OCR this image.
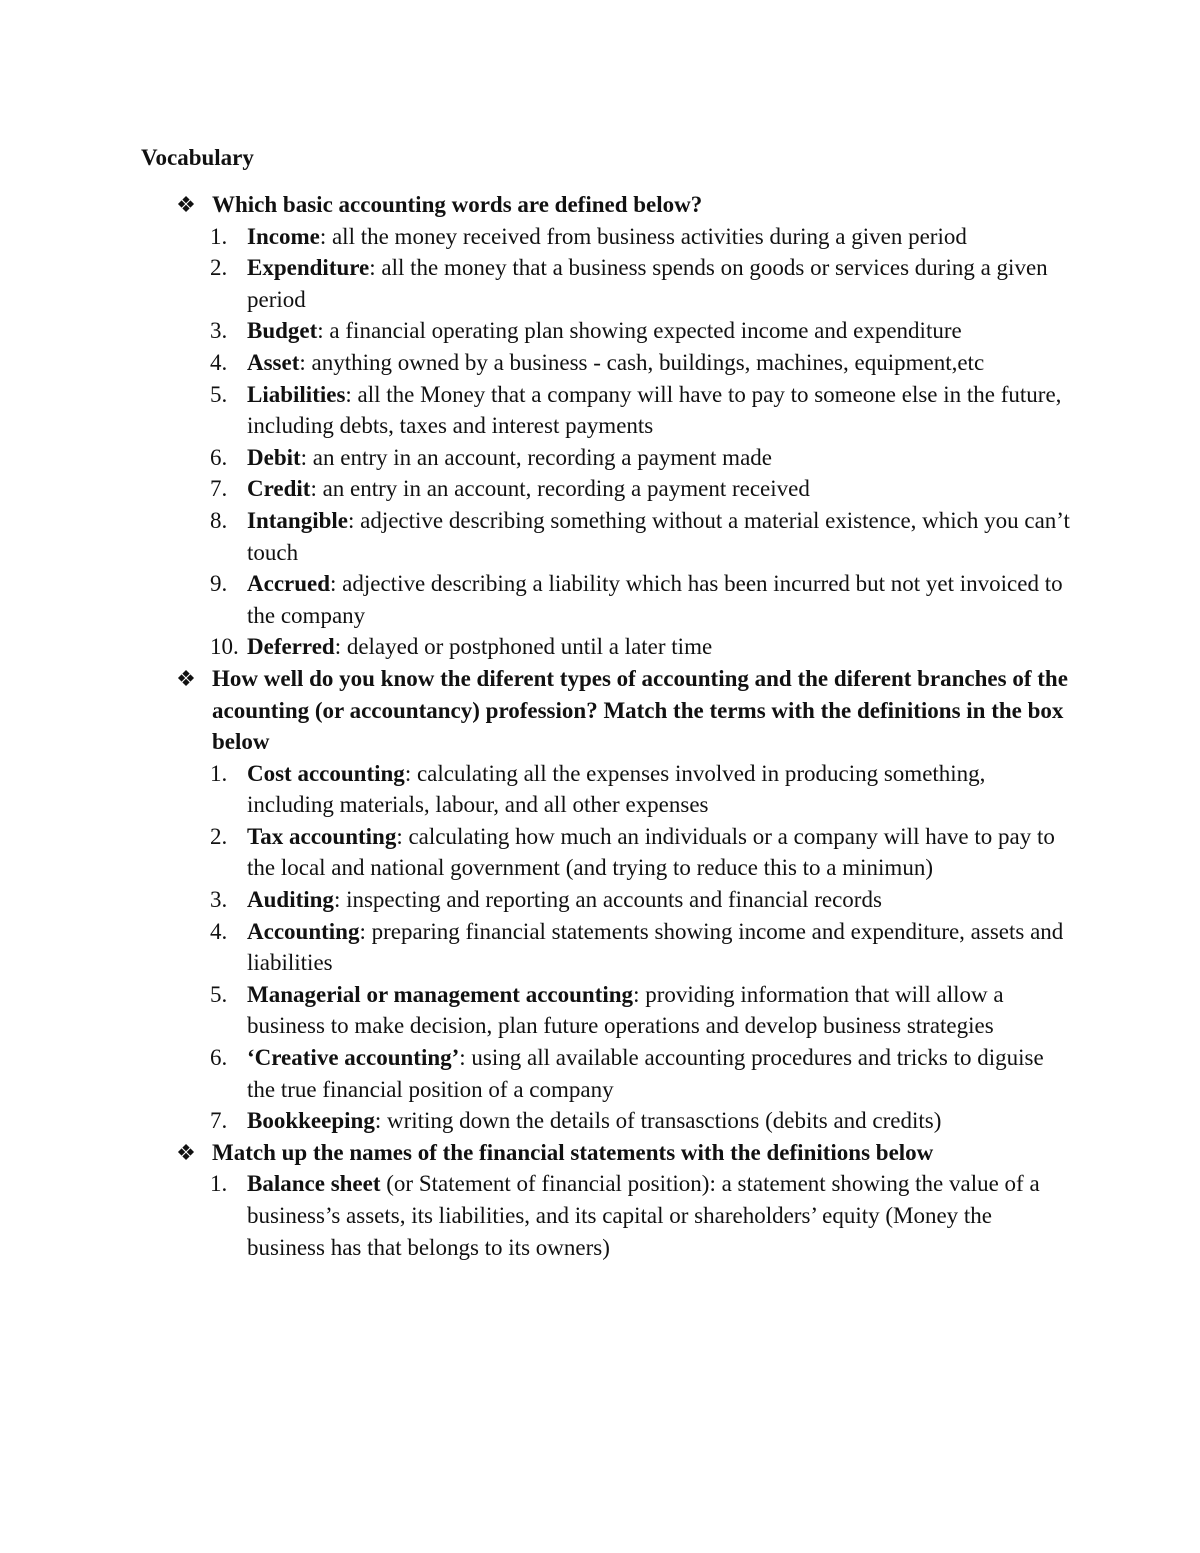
Vocabulary

❖ Which basic accounting words are defined below?

1. Income: all the money received from business activities during a given period
2. Expenditure: all the money that a business spends on goods or services during a given period
3. Budget: a financial operating plan showing expected income and expenditure
4. Asset: anything owned by a business - cash, buildings, machines, equipment,etc
5. Liabilities: all the Money that a company will have to pay to someone else in the future, including debts, taxes and interest payments
6. Debit: an entry in an account, recording a payment made
7. Credit: an entry in an account, recording a payment received
8. Intangible: adjective describing something without a material existence, which you can’t touch
9. Accrued: adjective describing a liability which has been incurred but not yet invoiced to the company
10. Deferred: delayed or postphoned until a later time

❖ How well do you know the diferent types of accounting and the diferent branches of the acounting (or accountancy) profession? Match the terms with the definitions in the box below

1. Cost accounting: calculating all the expenses involved in producing something, including materials, labour, and all other expenses
2. Tax accounting: calculating how much an individuals or a company will have to pay to the local and national government (and trying to reduce this to a minimun)
3. Auditing: inspecting and reporting an accounts and financial records
4. Accounting: preparing financial statements showing income and expenditure, assets and liabilities
5. Managerial or management accounting: providing information that will allow a business to make decision, plan future operations and develop business strategies
6. ‘Creative accounting’: using all available accounting procedures and tricks to diguise the true financial position of a company
7. Bookkeeping: writing down the details of transasctions (debits and credits)

❖ Match up the names of the financial statements with the definitions below

1. Balance sheet (or Statement of financial position): a statement showing the value of a business’s assets, its liabilities, and its capital or shareholders’ equity (Money the business has that belongs to its owners)
